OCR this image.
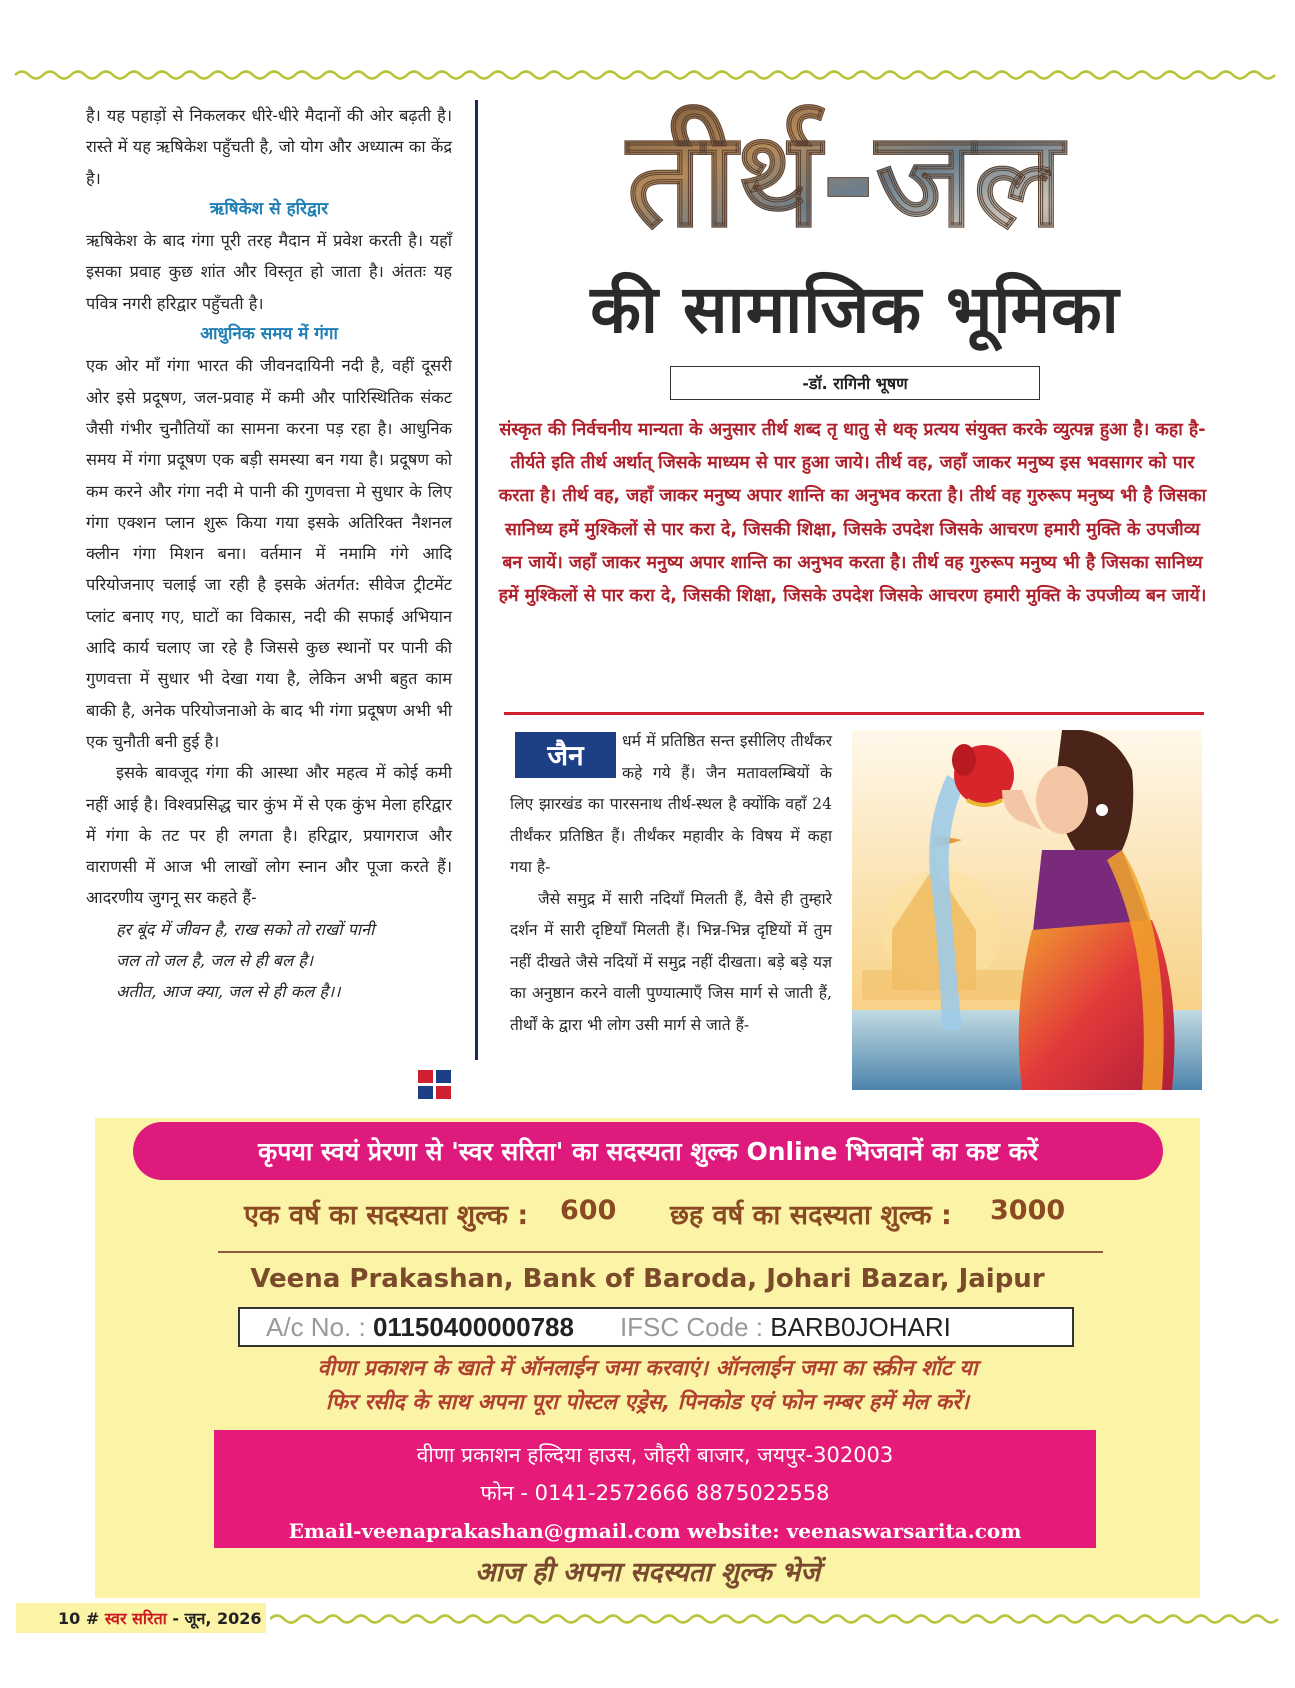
है। यह पहाड़ों से निकलकर धीरे-धीरे मैदानों की ओर बढ़ती है। रास्ते में यह ऋषिकेश पहुँचती है, जो योग और अध्यात्म का केंद्र है।

ऋषिकेश से हरिद्वार

ऋषिकेश के बाद गंगा पूरी तरह मैदान में प्रवेश करती है। यहाँ इसका प्रवाह कुछ शांत और विस्तृत हो जाता है। अंततः यह पवित्र नगरी हरिद्वार पहुँचती है।

आधुनिक समय में गंगा

एक ओर माँ गंगा भारत की जीवनदायिनी नदी है, वहीं दूसरी ओर इसे प्रदूषण, जल-प्रवाह में कमी और पारिस्थितिक संकट जैसी गंभीर चुनौतियों का सामना करना पड़ रहा है। आधुनिक समय में गंगा प्रदूषण एक बड़ी समस्या बन गया है। प्रदूषण को कम करने और गंगा नदी मे पानी की गुणवत्ता मे सुधार के लिए गंगा एक्शन प्लान शुरू किया गया इसके अतिरिक्त नैशनल क्लीन गंगा मिशन बना। वर्तमान में नमामि गंगे आदि परियोजनाए चलाई जा रही है इसके अंतर्गत: सीवेज ट्रीटमेंट प्लांट बनाए गए, घाटों का विकास, नदी की सफाई अभियान आदि कार्य चलाए जा रहे है जिससे कुछ स्थानों पर पानी की गुणवत्ता में सुधार भी देखा गया है, लेकिन अभी बहुत काम बाकी है, अनेक परियोजनाओ के बाद भी गंगा प्रदूषण अभी भी एक चुनौती बनी हुई है।

इसके बावजूद गंगा की आस्था और महत्व में कोई कमी नहीं आई है। विश्वप्रसिद्ध चार कुंभ में से एक कुंभ मेला हरिद्वार में गंगा के तट पर ही लगता है। हरिद्वार, प्रयागराज और वाराणसी में आज भी लाखों लोग स्नान और पूजा करते हैं। आदरणीय जुगनू सर कहते हैं-

हर बूंद में जीवन है, राख सको तो राखों पानी

जल तो जल है, जल से ही बल है।

अतीत, आज क्या, जल से ही कल है।।

तीर्थ-जल
की सामाजिक भूमिका
-डॉ. रागिनी भूषण
संस्कृत की निर्वचनीय मान्यता के अनुसार तीर्थ शब्द तृ धातु से थक् प्रत्यय संयुक्त करके व्युत्पन्न हुआ है। कहा है- तीर्यते इति तीर्थ अर्थात् जिसके माध्यम से पार हुआ जाये। तीर्थ वह, जहाँ जाकर मनुष्य इस भवसागर को पार करता है। तीर्थ वह, जहाँ जाकर मनुष्य अपार शान्ति का अनुभव करता है। तीर्थ वह गुरुरूप मनुष्य भी है जिसका सानिध्य हमें मुश्किलों से पार करा दे, जिसकी शिक्षा, जिसके उपदेश जिसके आचरण हमारी मुक्ति के उपजीव्य बन जायें। जहाँ जाकर मनुष्य अपार शान्ति का अनुभव करता है। तीर्थ वह गुरुरूप मनुष्य भी है जिसका सानिध्य हमें मुश्किलों से पार करा दे, जिसकी शिक्षा, जिसके उपदेश जिसके आचरण हमारी मुक्ति के उपजीव्य बन जायें।

धर्म में प्रतिष्ठित सन्त इसीलिए तीर्थंकर कहे गये हैं। जैन मतावलम्बियों के लिए झारखंड का पारसनाथ तीर्थ-स्थल है क्योंकि वहाँ 24 तीर्थंकर प्रतिष्ठित हैं। तीर्थंकर महावीर के विषय में कहा गया है-

जैसे समुद्र में सारी नदियाँ मिलती हैं, वैसे ही तुम्हारे दर्शन में सारी दृष्टियाँ मिलती हैं। भिन्न-भिन्न दृष्टियों में तुम नहीं दीखते जैसे नदियों में समुद्र नहीं दीखता। बड़े बड़े यज्ञ का अनुष्ठान करने वाली पुण्यात्माएँ जिस मार्ग से जाती हैं, तीर्थों के द्वारा भी लोग उसी मार्ग से जाते हैं-

जैन
कृपया स्वयं प्रेरणा से 'स्वर सरिता' का सदस्यता शुल्क Online भिजवानें का कष्ट करें
एक वर्ष का सदस्यता शुल्क : 600 छह वर्ष का सदस्यता शुल्क : 3000
Veena Prakashan, Bank of Baroda, Johari Bazar, Jaipur
A/c No. :
01150400000788 IFSC Code :
BARB0JOHARI
वीणा प्रकाशन के खाते में ऑनलाईन जमा करवाएं। ऑनलाईन जमा का स्क्रीन शॉट या
फिर रसीद के साथ अपना पूरा पोस्टल एड्रेस, पिनकोड एवं फोन नम्बर हमें मेल करें।
वीणा प्रकाशन हल्दिया हाउस, जौहरी बाजार, जयपुर-302003
फोन - 0141-2572666 8875022558
Email-veenaprakashan@gmail.com website: veenaswarsarita.com
आज ही अपना सदस्यता शुल्क भेजें
10 #
स्वर सरिता
- जून, 2026
